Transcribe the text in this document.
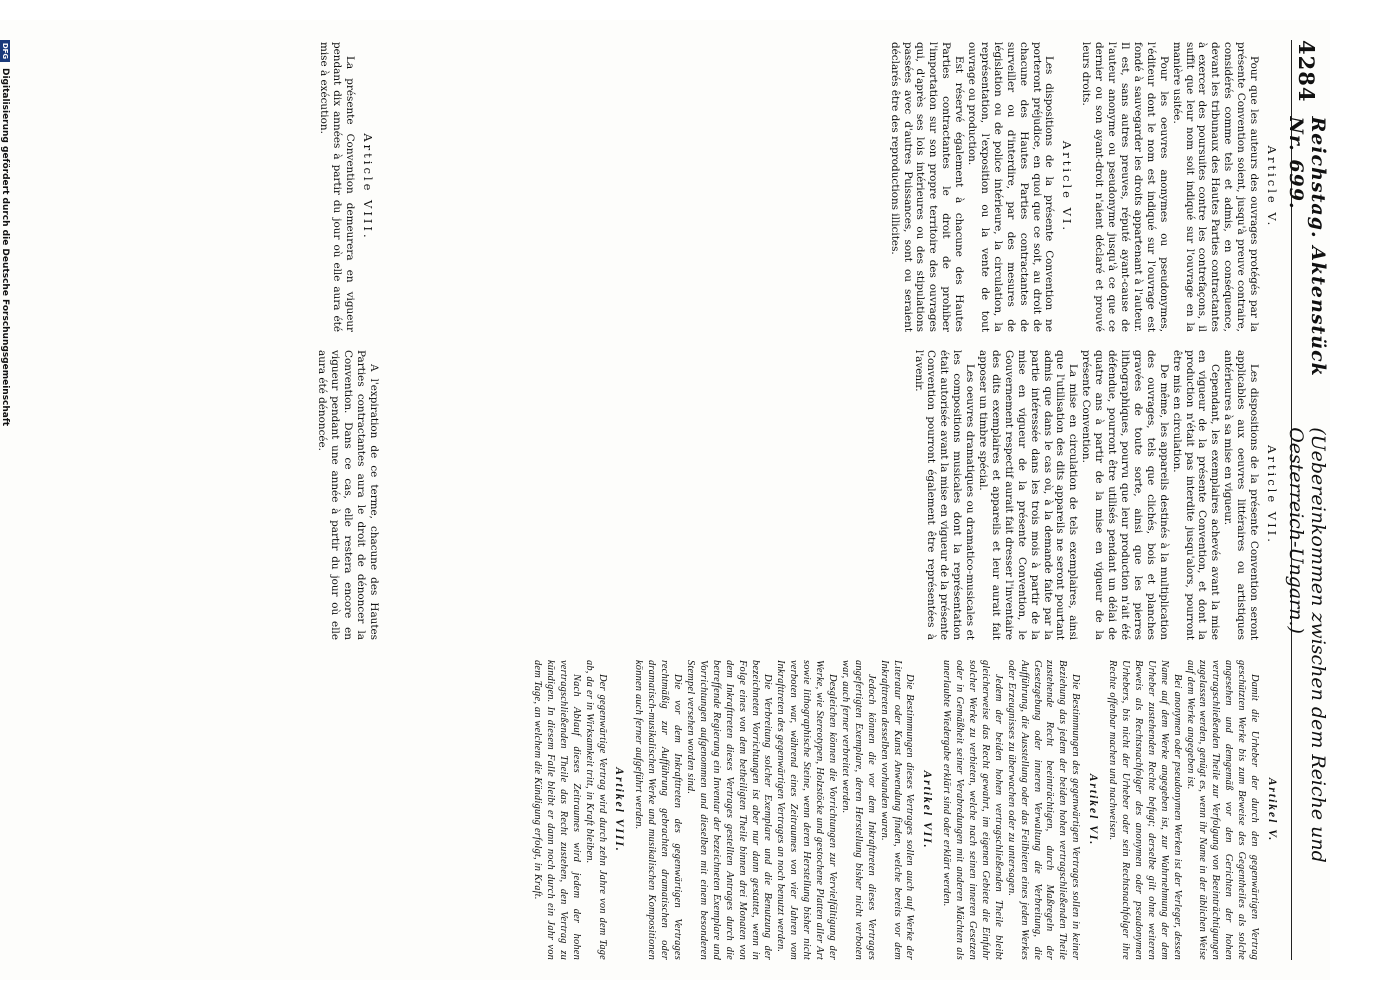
4284
Reichstag. Aktenstück Nr. 699.
(Uebereinkommen zwischen dem Reiche und Oesterreich-Ungarn.)
Article V.

Pour que les auteurs des ouvrages protégés par la présente Convention soient, jusqu'à preuve contraire, considérés comme tels et admis, en conséquence, devant les tribunaux des Hautes Parties contractantes à exercer des poursuites contre les contrefaçons, il suffit que leur nom soit indiqué sur l'ouvrage en la manière usitée.

Pour les oeuvres anonymes ou pseudonymes, l'éditeur dont le nom est indiqué sur l'ouvrage est fondé à sauvegarder les droits appartenant à l'auteur. Il est, sans autres preuves, réputé ayant-cause de l'auteur anonyme ou pseudonyme jusqu'à ce que ce dernier ou son ayant-droit n'aient déclaré et prouvé leurs droits.

Article VI.

Les dispositions de la présente Convention ne porteront préjudice, en quoi que ce soit, au droit de chacune des Hautes Parties contractantes de surveiller ou d'interdire, par des mesures de législation ou de police intérieure, la circulation, la représentation, l'exposition ou la vente de tout ouvrage ou production.

Est réservé également à chacune des Hautes Parties contractantes le droit de prohiber l'importation sur son propre territoire des ouvrages qui, d'après ses lois intérieures ou des stipulations passées avec d'autres Puissances, sont ou seraient déclarés être des reproductions illicites.

Article VII.

Les dispositions de la présente Convention seront applicables aux oeuvres littéraires ou artistiques antérieures à sa mise en vigueur.

Cependant, les exemplaires achevés avant la mise en vigueur de la présente Convention, et dont la production n'était pas interdite jusqu'alors, pourront être mis en circulation.

De même, les appareils destinés à la multiplication des ouvrages, tels que clichés, bois et planches gravées de toute sorte, ainsi que les pierres lithographiques, pourvu que leur production n'ait été défendue, pourront être utilisés pendant un délai de quatre ans à partir de la mise en vigueur de la présente Convention.

La mise en circulation de tels exemplaires, ainsi que l'utilisation des dits appareils ne seront pourtant admis que dans le cas où, à la demande faite par la partie intéressée dans les trois mois à partir de la mise en vigueur de la présente Convention, le Gouvernement respectif aurait fait dresser l'inventaire des dits exemplaires et appareils et leur aurait fait apposer un timbre spécial.

Les oeuvres dramatiques ou dramatico-musicales et les compositions musicales dont la représentation était autorisée avant la mise en vigueur de la présente Convention pourront également être représentées à l'avenir.

Article VIII.

La présente Convention demeurera en vigueur pendant dix années à partir du jour où elle aura été mise à exécution.

A l'expiration de ce terme, chacune des Hautes Parties contractantes aura le droit de dénoncer la Convention. Dans ce cas, elle restera encore en vigueur pendant une année à partir du jour où elle aura été dénoncée.

Artikel V.

Damit die Urheber der durch den gegenwärtigen Vertrag geschützten Werke bis zum Beweise des Gegentheiles als solche angesehen und demgemäß vor den Gerichten der hohen vertragschließenden Theile zur Verfolgung von Beeinträchtigungen zugelassen werden, genügt es, wenn ihr Name in der üblichen Weise auf dem Werke angegeben ist.

Bei anonymen oder pseudonymen Werken ist der Verleger, dessen Name auf dem Werke angegeben ist, zur Wahrnehmung der dem Urheber zustehenden Rechte befugt; derselbe gilt ohne weiteren Beweis als Rechtsnachfolger des anonymen oder pseudonymen Urhebers, bis nicht der Urheber oder sein Rechtsnachfolger ihre Rechte offenbar machen und nachweisen.

Artikel VI.

Die Bestimmungen des gegenwärtigen Vertrages sollen in keiner Beziehung das jedem der beiden hohen vertragschließenden Theile zustehende Recht beeinträchtigen, durch Maßregeln der Gesetzgebung oder inneren Verwaltung die Verbreitung, die Aufführung, die Ausstellung oder das Feilbieten eines jeden Werkes oder Erzeugnisses zu überwachen oder zu untersagen.

Jedem der beiden hohen vertragschließenden Theile bleibt gleicherweise das Recht gewahrt, im eigenen Gebiete die Einfuhr solcher Werke zu verbieten, welche nach seinen inneren Gesetzen oder in Gemäßheit seiner Verabredungen mit anderen Mächten als unerlaubte Wiedergabe erklärt sind oder erklärt werden.

Artikel VII.

Die Bestimmungen dieses Vertrages sollen auch auf Werke der Literatur oder Kunst Anwendung finden, welche bereits vor dem Inkrafttreten desselben vorhanden waren.

Jedoch können die vor dem Inkrafttreten dieses Vertrages angefertigten Exemplare, deren Herstellung bisher nicht verboten war, auch ferner verbreitet werden.

Desgleichen können die Vorrichtungen zur Vervielfältigung der Werke, wie Stereotypen, Holzstöcke und gestochene Platten aller Art sowie lithographische Steine, wenn deren Herstellung bisher nicht verboten war, während eines Zeitraumes von vier Jahren vom Inkrafttreten des gegenwärtigen Vertrages an noch benutzt werden.

Die Verbreitung solcher Exemplare und die Benutzung der bezeichneten Vorrichtungen ist aber nur dann gestattet, wenn in Folge eines von dem betheiligten Theile binnen drei Monaten von dem Inkrafttreten dieses Vertrages gestellten Antrages durch die betreffende Regierung ein Inventar der bezeichneten Exemplare und Vorrichtungen aufgenommen und dieselben mit einem besonderen Stempel versehen worden sind.

Die vor dem Inkrafttreten des gegenwärtigen Vertrages rechtmäßig zur Aufführung gebrachten dramatischen oder dramatisch-musikalischen Werke und musikalischen Kompositionen können auch ferner aufgeführt werden.

Artikel VIII.

Der gegenwärtige Vertrag wird durch zehn Jahre von dem Tage ab, da er in Wirksamkeit tritt, in Kraft bleiben.

Nach Ablauf dieses Zeitraumes wird jedem der hohen vertragschließenden Theile das Recht zustehen, den Vertrag zu kündigen. In diesem Falle bleibt er dann noch durch ein Jahr von dem Tage, an welchem die Kündigung erfolgt, in Kraft.

DFG
Digitalisierung gefördert durch die Deutsche Forschungsgemeinschaft
